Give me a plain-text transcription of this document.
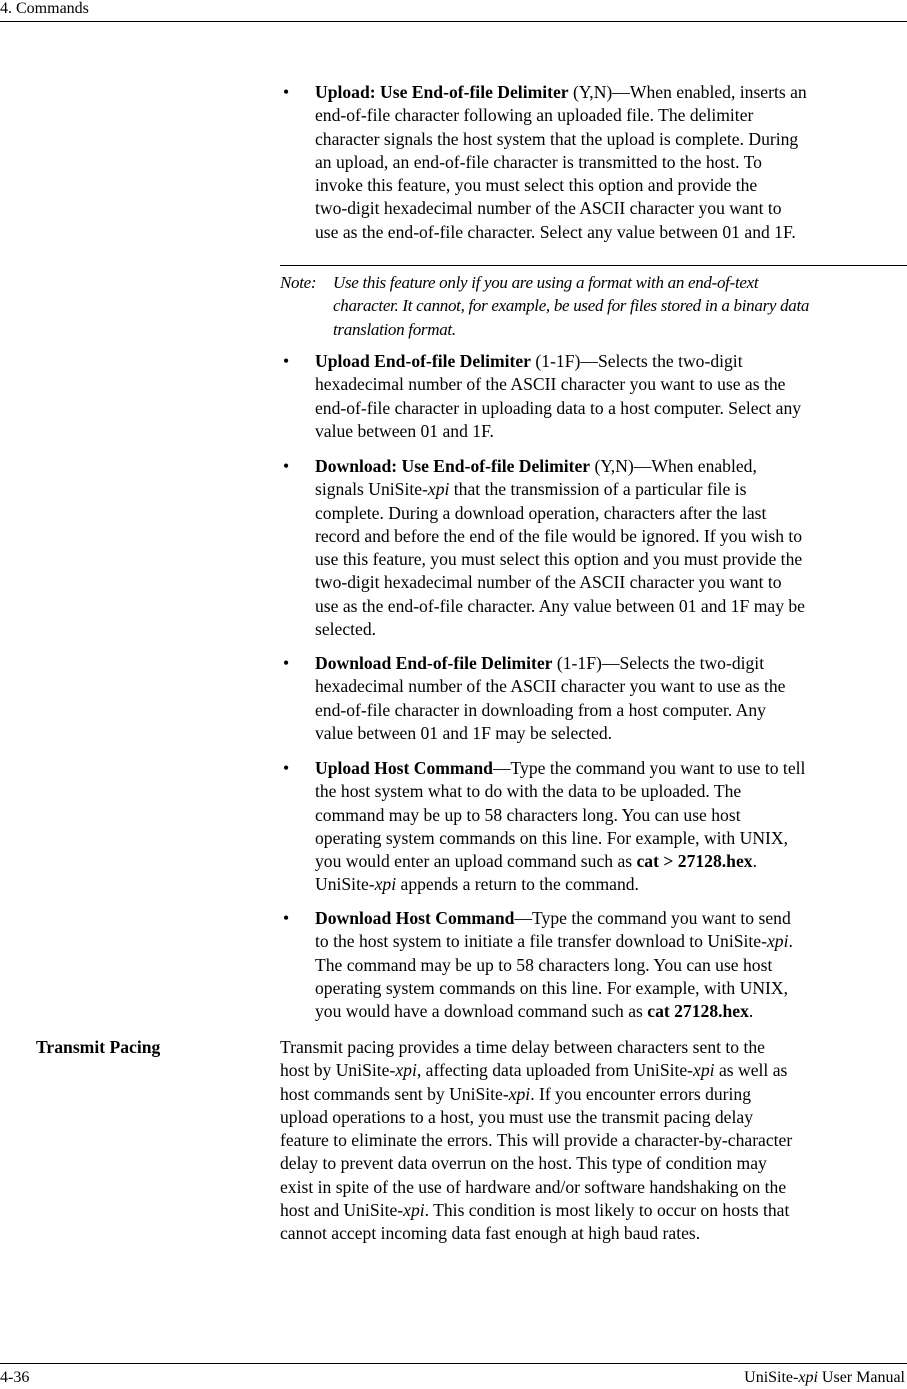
4. Commands
• Upload: Use End-of-file Delimiter (Y,N)—When enabled, inserts an
end-of-file character following an uploaded file. The delimiter
character signals the host system that the upload is complete. During
an upload, an end-of-file character is transmitted to the host. To
invoke this feature, you must select this option and provide the
two-digit hexadecimal number of the ASCII character you want to
use as the end-of-file character. Select any value between 01 and 1F.
Note: Use this feature only if you are using a format with an end-of-text
character. It cannot, for example, be used for files stored in a binary data
translation format.
• Upload End-of-file Delimiter (1-1F)—Selects the two-digit
hexadecimal number of the ASCII character you want to use as the
end-of-file character in uploading data to a host computer. Select any
value between 01 and 1F.
• Download: Use End-of-file Delimiter (Y,N)—When enabled,
signals UniSite-xpi that the transmission of a particular file is
complete. During a download operation, characters after the last
record and before the end of the file would be ignored. If you wish to
use this feature, you must select this option and you must provide the
two-digit hexadecimal number of the ASCII character you want to
use as the end-of-file character. Any value between 01 and 1F may be
selected.
• Download End-of-file Delimiter (1-1F)—Selects the two-digit
hexadecimal number of the ASCII character you want to use as the
end-of-file character in downloading from a host computer. Any
value between 01 and 1F may be selected.
• Upload Host Command—Type the command you want to use to tell
the host system what to do with the data to be uploaded. The
command may be up to 58 characters long. You can use host
operating system commands on this line. For example, with UNIX,
you would enter an upload command such as cat > 27128.hex.
UniSite-xpi appends a return to the command.
• Download Host Command—Type the command you want to send
to the host system to initiate a file transfer download to UniSite-xpi.
The command may be up to 58 characters long. You can use host
operating system commands on this line. For example, with UNIX,
you would have a download command such as cat 27128.hex.
Transmit Pacing	Transmit pacing provides a time delay between characters sent to the
host by UniSite-xpi, affecting data uploaded from UniSite-xpi as well as
host commands sent by UniSite-xpi. If you encounter errors during
upload operations to a host, you must use the transmit pacing delay
feature to eliminate the errors. This will provide a character-by-character
delay to prevent data overrun on the host. This type of condition may
exist in spite of the use of hardware and/or software handshaking on the
host and UniSite-xpi. This condition is most likely to occur on hosts that
cannot accept incoming data fast enough at high baud rates.
4-36	UniSite-xpi User Manual
